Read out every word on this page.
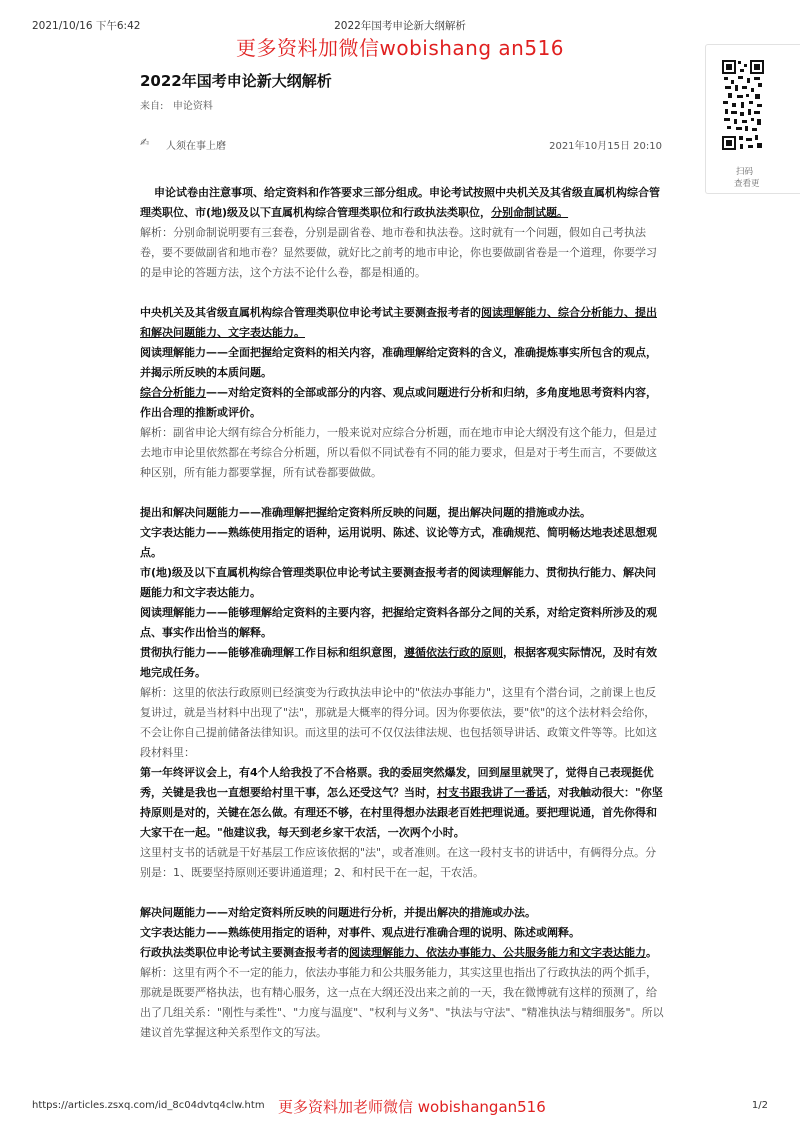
2021/10/16 下午6:42	2022年国考申论新大纲解析
更多资料加微信wobishang an516
扫码
查看更
2022年国考申论新大纲解析
来自: 申论资料
✍ 人须在事上磨	2021年10月15日 20:10

申论试卷由注意事项、给定资料和作答要求三部分组成。申论考试按照中央机关及其省级直属机构综合管理类职位、市(地)级及以下直属机构综合管理类职位和行政执法类职位，分别命制试题。

解析：分别命制说明要有三套卷，分别是副省卷、地市卷和执法卷。这时就有一个问题，假如自己考执法卷，要不要做副省和地市卷？显然要做，就好比之前考的地市申论，你也要做副省卷是一个道理，你要学习的是申论的答题方法，这个方法不论什么卷，都是相通的。

中央机关及其省级直属机构综合管理类职位申论考试主要测查报考者的阅读理解能力、综合分析能力、提出和解决问题能力、文字表达能力。

阅读理解能力——全面把握给定资料的相关内容，准确理解给定资料的含义，准确提炼事实所包含的观点，并揭示所反映的本质问题。

综合分析能力——对给定资料的全部或部分的内容、观点或问题进行分析和归纳，多角度地思考资料内容，作出合理的推断或评价。

解析：副省申论大纲有综合分析能力，一般来说对应综合分析题，而在地市申论大纲没有这个能力，但是过去地市申论里依然都在考综合分析题，所以看似不同试卷有不同的能力要求，但是对于考生而言，不要做这种区别，所有能力都要掌握，所有试卷都要做做。

提出和解决问题能力——准确理解把握给定资料所反映的问题，提出解决问题的措施或办法。

文字表达能力——熟练使用指定的语种，运用说明、陈述、议论等方式，准确规范、简明畅达地表述思想观点。

市(地)级及以下直属机构综合管理类职位申论考试主要测查报考者的阅读理解能力、贯彻执行能力、解决问题能力和文字表达能力。

阅读理解能力——能够理解给定资料的主要内容，把握给定资料各部分之间的关系，对给定资料所涉及的观点、事实作出恰当的解释。

贯彻执行能力——能够准确理解工作目标和组织意图，遵循依法行政的原则，根据客观实际情况，及时有效地完成任务。

解析：这里的依法行政原则已经演变为行政执法申论中的"依法办事能力"，这里有个潜台词，之前课上也反复讲过，就是当材料中出现了"法"，那就是大概率的得分词。因为你要依法，要"依"的这个法材料会给你，不会让你自己提前储备法律知识。而这里的法可不仅仅法律法规、也包括领导讲话、政策文件等等。比如这段材料里：

第一年终评议会上，有4个人给我投了不合格票。我的委屈突然爆发，回到屋里就哭了，觉得自己表现挺优秀，关键是我也一直想要给村里干事，怎么还受这气？当时，村支书跟我讲了一番话，对我触动很大："你坚持原则是对的，关键在怎么做。有理还不够，在村里得想办法跟老百姓把理说通。要把理说通，首先你得和大家干在一起。"他建议我，每天到老乡家干农活，一次两个小时。

这里村支书的话就是干好基层工作应该依据的"法"，或者准则。在这一段村支书的讲话中，有俩得分点。分别是：1、既要坚持原则还要讲通道理；2、和村民干在一起，干农活。

解决问题能力——对给定资料所反映的问题进行分析，并提出解决的措施或办法。

文字表达能力——熟练使用指定的语种，对事件、观点进行准确合理的说明、陈述或阐释。

行政执法类职位申论考试主要测查报考者的阅读理解能力、依法办事能力、公共服务能力和文字表达能力。

解析：这里有两个不一定的能力，依法办事能力和公共服务能力，其实这里也指出了行政执法的两个抓手，那就是既要严格执法，也有精心服务，这一点在大纲还没出来之前的一天，我在微博就有这样的预测了，给出了几组关系："刚性与柔性"、"力度与温度"、"权利与义务"、"执法与守法"、"精准执法与精细服务"。所以建议首先掌握这种关系型作文的写法。

https://articles.zsxq.com/id_8c04dvtq4clw.htm	1/2
更多资料加老师微信 wobishangan516
